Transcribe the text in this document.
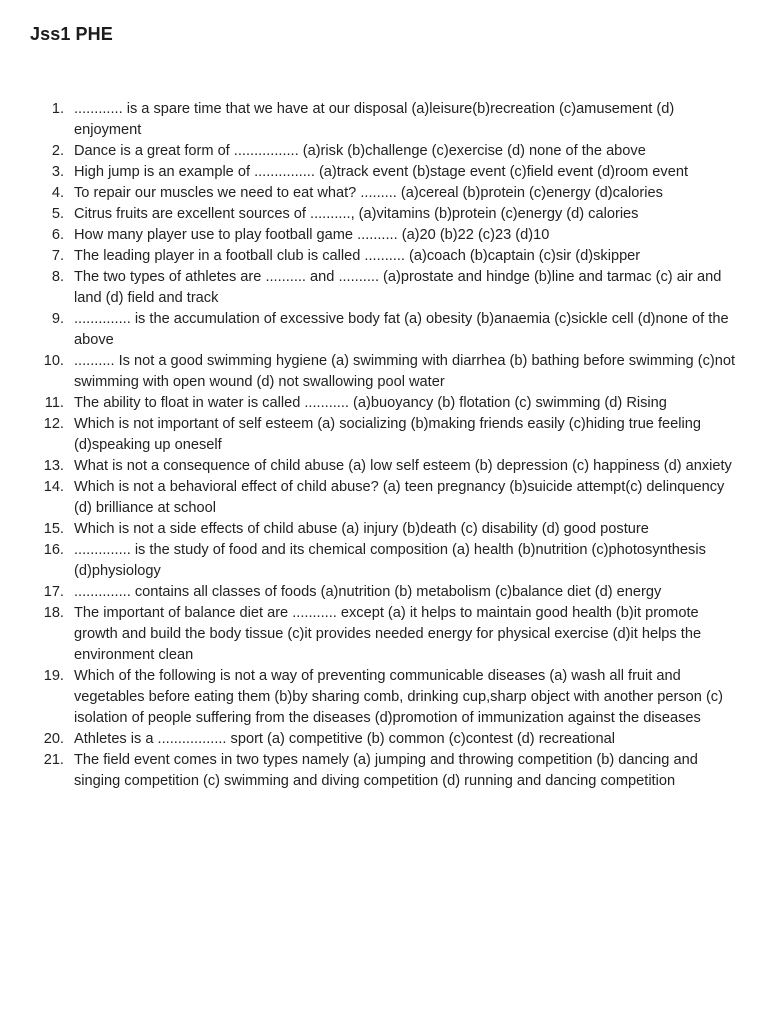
Jss1 PHE
1. ............ is a spare time that we have at our disposal (a)leisure(b)recreation (c)amusement (d) enjoyment
2. Dance is a great form of ................ (a)risk (b)challenge (c)exercise (d) none of the above
3. High jump is an example of ............... (a)track event (b)stage event (c)field event (d)room event
4. To repair our muscles we need to eat what? ......... (a)cereal (b)protein (c)energy (d)calories
5. Citrus fruits are excellent sources of .........., (a)vitamins (b)protein (c)energy (d) calories
6. How many player use to play football game .......... (a)20 (b)22 (c)23 (d)10
7. The leading player in a football club is called .......... (a)coach (b)captain (c)sir (d)skipper
8. The two types of athletes are .......... and .......... (a)prostate and hindge (b)line and tarmac (c) air and land (d) field and track
9. .............. is the accumulation of excessive body fat (a) obesity (b)anaemia (c)sickle cell (d)none of the above
10. .......... Is not a good swimming hygiene (a) swimming with diarrhea (b) bathing before swimming (c)not swimming with open wound (d) not swallowing pool water
11. The ability to float in water is called ........... (a)buoyancy (b) flotation (c) swimming (d) Rising
12. Which is not important of self esteem (a) socializing (b)making friends easily (c)hiding true feeling (d)speaking up oneself
13. What is not a consequence of child abuse (a) low self esteem (b) depression (c) happiness (d) anxiety
14. Which is not a behavioral effect of child abuse? (a) teen pregnancy (b)suicide attempt(c) delinquency (d) brilliance at school
15. Which is not a side effects of child abuse (a) injury (b)death (c) disability (d) good posture
16. .............. is the study of food and its chemical composition (a) health (b)nutrition (c)photosynthesis (d)physiology
17. .............. contains all classes of foods (a)nutrition (b) metabolism (c)balance diet (d) energy
18. The important of balance diet are ........... except (a) it helps to maintain good health (b)it promote growth and build the body tissue (c)it provides needed energy for physical exercise (d)it helps the environment clean
19. Which of the following is not a way of preventing communicable diseases (a) wash all fruit and vegetables before eating them (b)by sharing comb, drinking cup,sharp object with another person (c) isolation of people suffering from the diseases (d)promotion of immunization against the diseases
20. Athletes is a ................. sport (a) competitive (b) common (c)contest (d) recreational
21. The field event comes in two types namely (a) jumping and throwing competition (b) dancing and singing competition (c) swimming and diving competition (d) running and dancing competition
